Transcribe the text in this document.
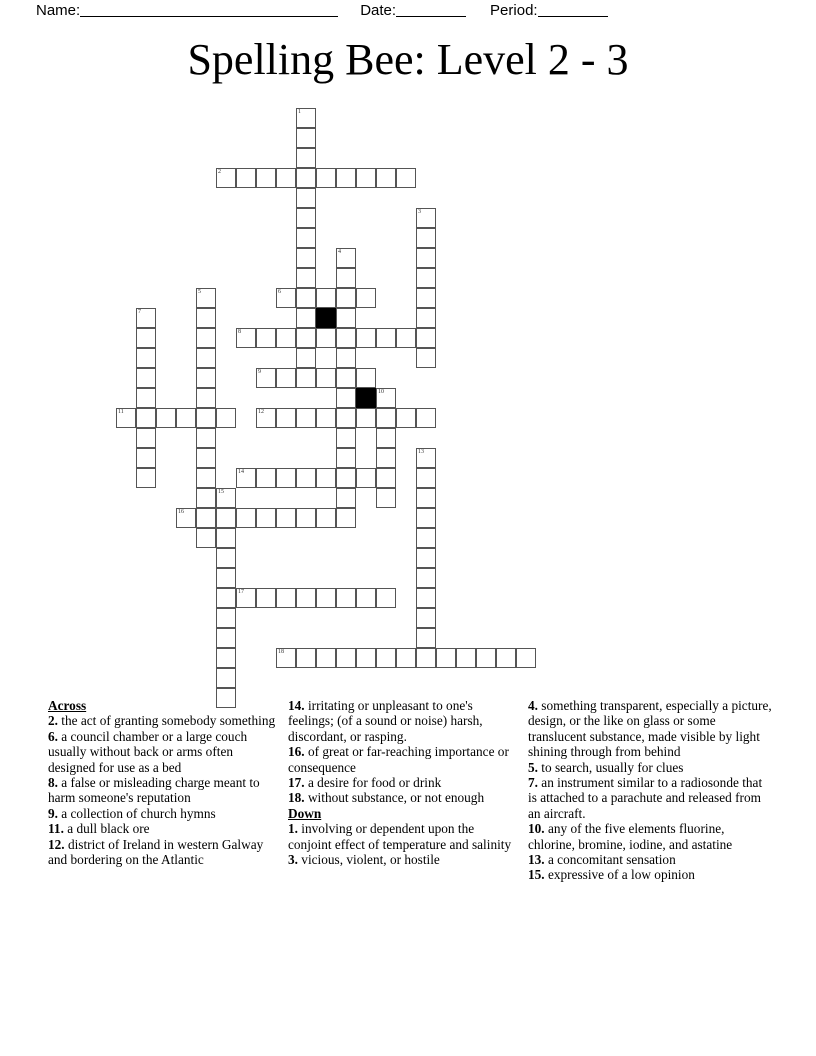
Name:	Date:	Period:
Spelling Bee: Level 2 - 3
1
2
3
4
5	6
7
8
9
10
11	12
13
14
15
16
17
18
Across
2. the act of granting somebody something
6. a council chamber or a large couch usually without back or arms often designed for use as a bed
8. a false or misleading charge meant to harm someone's reputation
9. a collection of church hymns
11. a dull black ore
12. district of Ireland in western Galway and bordering on the Atlantic
14. irritating or unpleasant to one's feelings; (of a sound or noise) harsh, discordant, or rasping.
16. of great or far-reaching importance or consequence
17. a desire for food or drink
18. without substance, or not enough
Down
1. involving or dependent upon the conjoint effect of temperature and salinity
3. vicious, violent, or hostile
4. something transparent, especially a picture, design, or the like on glass or some translucent substance, made visible by light shining through from behind
5. to search, usually for clues
7. an instrument similar to a radiosonde that is attached to a parachute and released from an aircraft.
10. any of the five elements fluorine, chlorine, bromine, iodine, and astatine
13. a concomitant sensation
15. expressive of a low opinion
